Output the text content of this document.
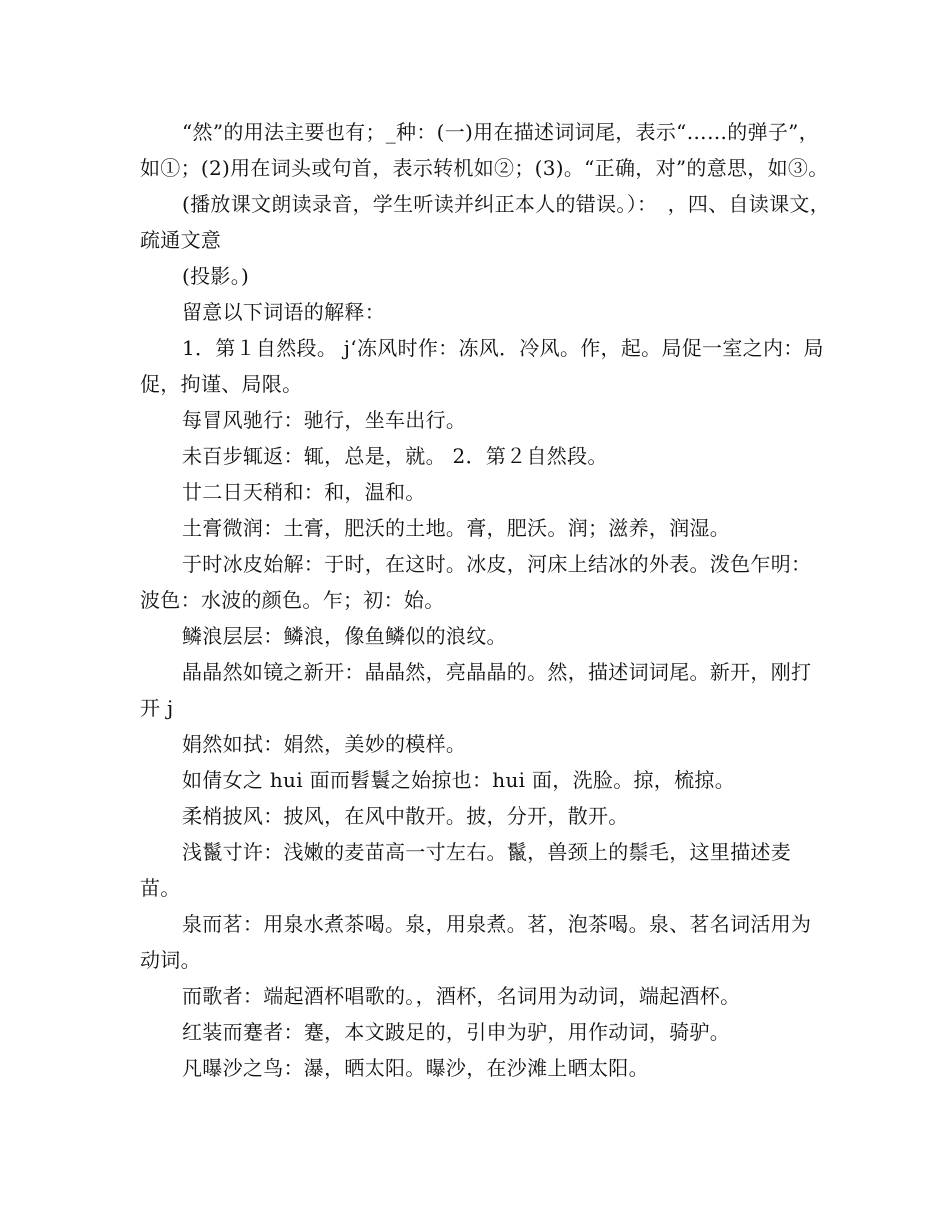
“然”的用法主要也有；_种：(一)用在描述词词尾，表示“……的弹子”，如①；(2)用在词头或句首，表示转机如②；(3)。“正确，对”的意思，如③。

(播放课文朗读录音，学生听读并纠正本人的错误。）：　，四、自读课文，疏通文意

(投影。)

留意以下词语的解释：

1．第１自然段。 j‘冻风时作：冻风．冷风。作，起。局促一室之内：局促，拘谨、局限。

每冒风驰行：驰行，坐车出行。

未百步辄返：辄，总是，就。 2．第２自然段。

廿二日天稍和：和，温和。

土膏微润：土膏，肥沃的土地。膏，肥沃。润；滋养，润湿。

于时冰皮始解：于时，在这时。冰皮，河床上结冰的外表。泼色乍明：波色：水波的颜色。乍；初：始。

鳞浪层层：鳞浪，像鱼鳞似的浪纹。

晶晶然如镜之新开：晶晶然，亮晶晶的。然，描述词词尾。新开，刚打开 j

娟然如拭：娟然，美妙的模样。

如倩女之 hui 面而髫鬟之始掠也：hui 面，洗脸。掠，梳掠。

柔梢披风：披风，在风中散开。披，分开，散开。

浅鬣寸许：浅嫩的麦苗高一寸左右。鬣，兽颈上的鬃毛，这里描述麦苗。

泉而茗：用泉水煮茶喝。泉，用泉煮。茗，泡茶喝。泉、茗名词活用为动词。

而歌者：端起酒杯唱歌的。，酒杯，名词用为动词，端起酒杯。

红装而蹇者：蹇，本文跛足的，引申为驴，用作动词，骑驴。

凡曝沙之鸟：瀑，晒太阳。曝沙，在沙滩上晒太阳。
